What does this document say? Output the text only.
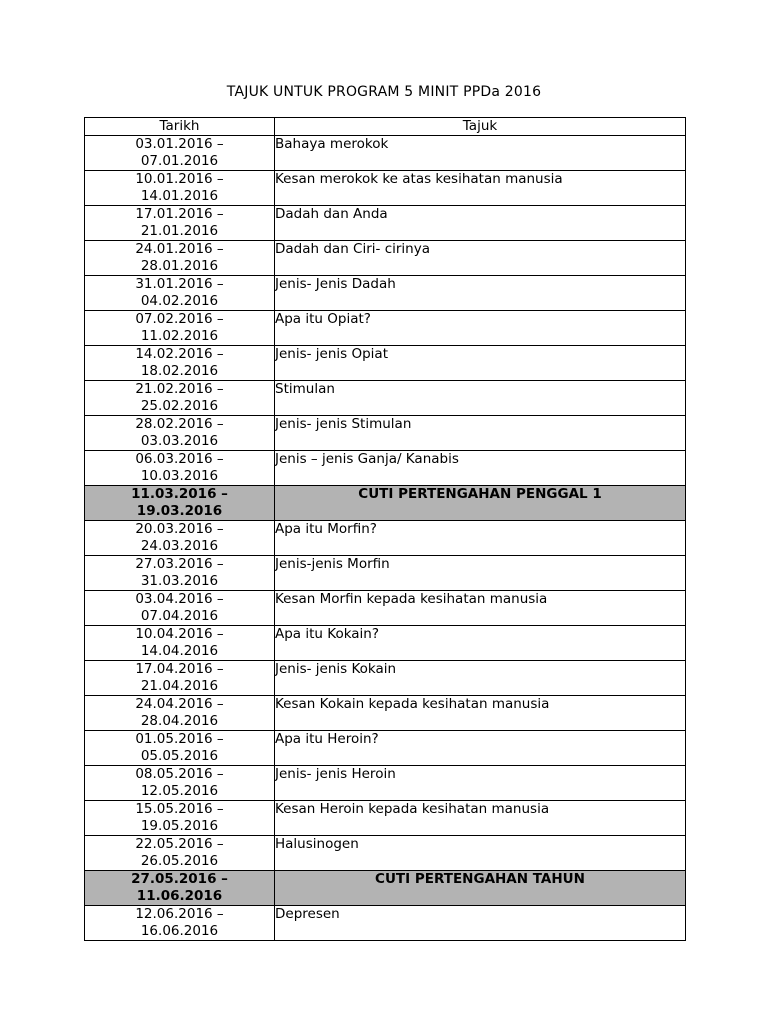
TAJUK UNTUK PROGRAM 5 MINIT PPDa 2016
Tarikh	Tajuk

03.01.2016 –
07.01.2016	Bahaya merokok

10.01.2016 –
14.01.2016	Kesan merokok ke atas kesihatan manusia

17.01.2016 –
21.01.2016	Dadah dan Anda

24.01.2016 –
28.01.2016	Dadah dan Ciri- cirinya

31.01.2016 –
04.02.2016	Jenis- Jenis Dadah

07.02.2016 –
11.02.2016	Apa itu Opiat?

14.02.2016 –
18.02.2016	Jenis- jenis Opiat

21.02.2016 –
25.02.2016	Stimulan

28.02.2016 –
03.03.2016	Jenis- jenis Stimulan

06.03.2016 –
10.03.2016	Jenis – jenis Ganja/ Kanabis

11.03.2016 –
19.03.2016	CUTI PERTENGAHAN PENGGAL 1

20.03.2016 –
24.03.2016	Apa itu Morfin?

27.03.2016 –
31.03.2016	Jenis-jenis Morfin

03.04.2016 –
07.04.2016	Kesan Morfin kepada kesihatan manusia

10.04.2016 –
14.04.2016	Apa itu Kokain?

17.04.2016 –
21.04.2016	Jenis- jenis Kokain

24.04.2016 –
28.04.2016	Kesan Kokain kepada kesihatan manusia

01.05.2016 –
05.05.2016	Apa itu Heroin?

08.05.2016 –
12.05.2016	Jenis- jenis Heroin

15.05.2016 –
19.05.2016	Kesan Heroin kepada kesihatan manusia

22.05.2016 –
26.05.2016	Halusinogen

27.05.2016 –
11.06.2016	CUTI PERTENGAHAN TAHUN

12.06.2016 –
16.06.2016	Depresen
